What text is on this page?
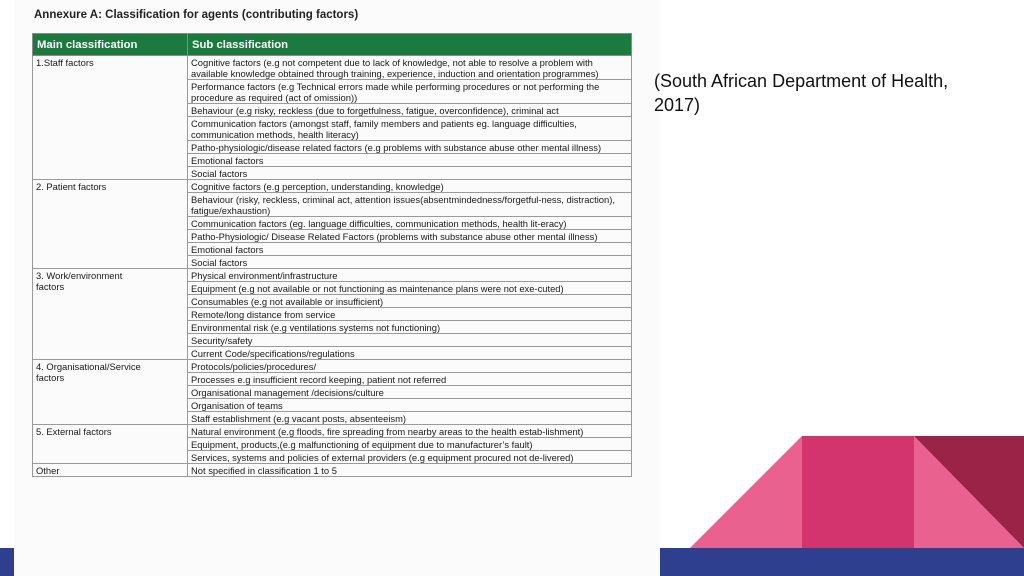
Annexure A: Classification for agents (contributing factors)
Main classification	Sub classification

1.Staff factors	Cognitive factors (e.g not competent due to lack of knowledge, not able to resolve a problem with available knowledge obtained through training, experience, induction and orientation programmes)
	Performance factors (e.g Technical errors made while performing procedures or not performing the procedure as required (act of omission))
	Behaviour (e.g risky, reckless (due to forgetfulness, fatigue, overconfidence), criminal act
	Communication factors (amongst staff, family members and patients eg. language difficulties, communication methods, health literacy)
	Patho-physiologic/disease related factors (e.g problems with substance abuse other mental illness)
	Emotional factors
	Social factors

2. Patient factors	Cognitive factors (e.g perception, understanding, knowledge)
	Behaviour (risky, reckless, criminal act, attention issues(absentmindedness/forgetful-ness, distraction), fatigue/exhaustion)
	Communication factors (eg. language difficulties, communication methods, health lit-eracy)
	Patho-Physiologic/ Disease Related Factors (problems with substance abuse other mental illness)
	Emotional factors
	Social factors

3. Work/environment
factors	Physical environment/infrastructure
	Equipment (e.g not available or not functioning as maintenance plans were not exe-cuted)
	Consumables (e.g not available or insufficient)
	Remote/long distance from service
	Environmental risk (e.g ventilations systems not functioning)
	Security/safety
	Current Code/specifications/regulations

4. Organisational/Service
factors	Protocols/policies/procedures/
	Processes e.g insufficient record keeping, patient not referred
	Organisational management /decisions/culture
	Organisation of teams
	Staff establishment (e.g vacant posts, absenteeism)

5. External factors	Natural environment (e.g floods, fire spreading from nearby areas to the health estab-lishment)
	Equipment, products,(e.g malfunctioning of equipment due to manufacturer’s fault)
	Services, systems and policies of external providers (e.g equipment procured not de-livered)

Other	Not specified in classification 1 to 5
(South African Department of Health, 2017)
